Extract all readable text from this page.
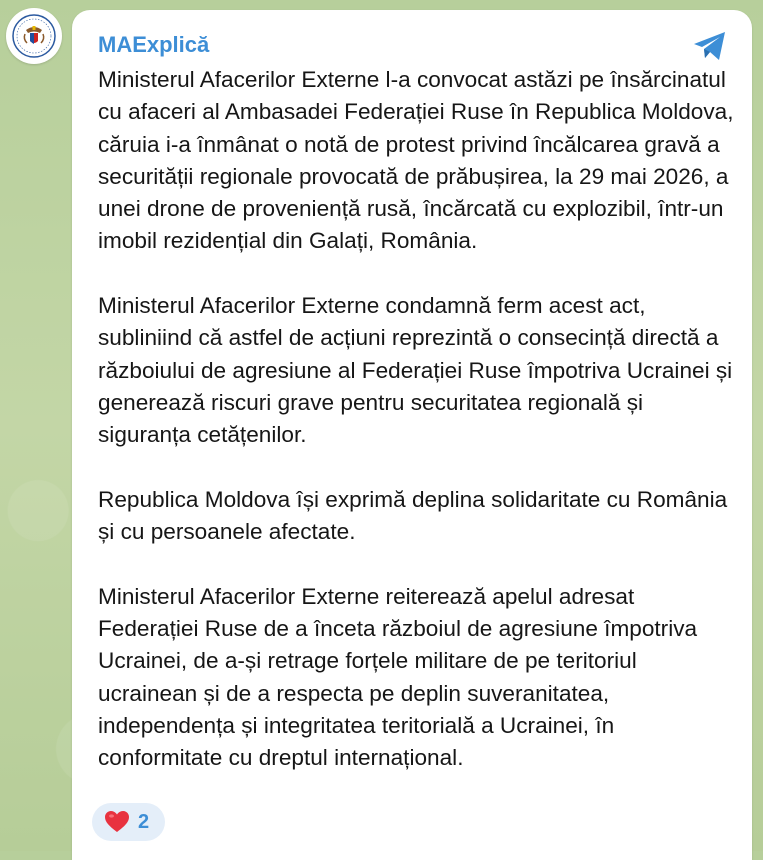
MAExplică

Ministerul Afacerilor Externe l-a convocat astăzi pe însărcinatul cu afaceri al Ambasadei Federației Ruse în Republica Moldova, căruia i-a înmânat o notă de protest privind încălcarea gravă a securității regionale provocată de prăbușirea, la 29 mai 2026, a unei drone de proveniență rusă, încărcată cu explozibil, într-un imobil rezidențial din Galați, România.

Ministerul Afacerilor Externe condamnă ferm acest act, subliniind că astfel de acțiuni reprezintă o consecință directă a războiului de agresiune al Federației Ruse împotriva Ucrainei și generează riscuri grave pentru securitatea regională și siguranța cetățenilor.

Republica Moldova își exprimă deplina solidaritate cu România și cu persoanele afectate.

Ministerul Afacerilor Externe reiterează apelul adresat Federației Ruse de a înceta războiul de agresiune împotriva Ucrainei, de a-și retrage forțele militare de pe teritoriul ucrainean și de a respecta pe deplin suveranitatea, independența și integritatea teritorială a Ucrainei, în conformitate cu dreptul internațional.

2
